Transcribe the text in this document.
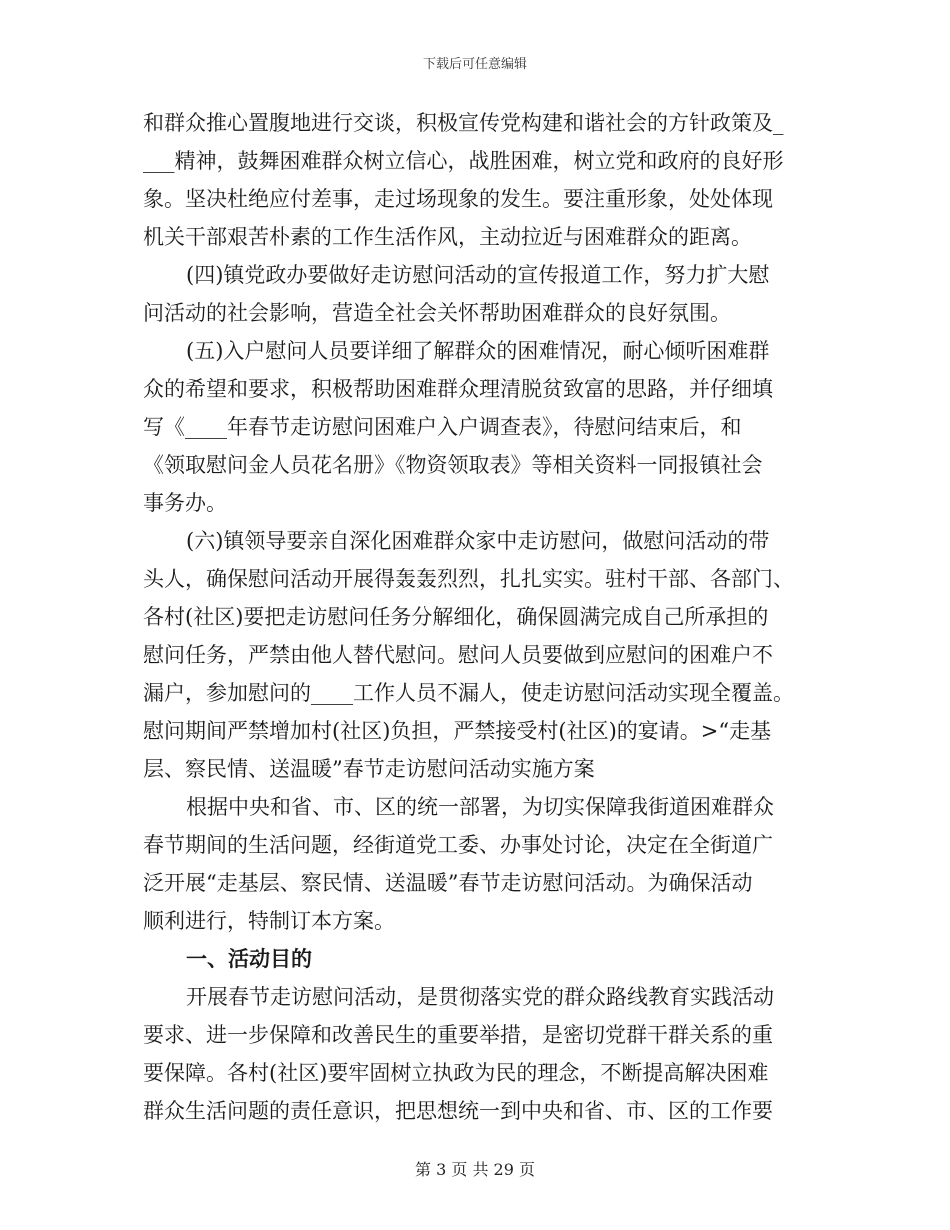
下载后可任意编辑
和群众推心置腹地进行交谈，积极宣传党构建和谐社会的方针政策及_
___精神，鼓舞困难群众树立信心，战胜困难，树立党和政府的良好形
象。坚决杜绝应付差事，走过场现象的发生。要注重形象，处处体现
机关干部艰苦朴素的工作生活作风，主动拉近与困难群众的距离。
(四)镇党政办要做好走访慰问活动的宣传报道工作，努力扩大慰
问活动的社会影响，营造全社会关怀帮助困难群众的良好氛围。
(五)入户慰问人员要详细了解群众的困难情况，耐心倾听困难群
众的希望和要求，积极帮助困难群众理清脱贫致富的思路，并仔细填
写《____年春节走访慰问困难户入户调查表》，待慰问结束后，和
《领取慰问金人员花名册》《物资领取表》等相关资料一同报镇社会
事务办。
(六)镇领导要亲自深化困难群众家中走访慰问，做慰问活动的带
头人，确保慰问活动开展得轰轰烈烈，扎扎实实。驻村干部、各部门、
各村(社区)要把走访慰问任务分解细化，确保圆满完成自己所承担的
慰问任务，严禁由他人替代慰问。慰问人员要做到应慰问的困难户不
漏户，参加慰问的____工作人员不漏人，使走访慰问活动实现全覆盖。
慰问期间严禁增加村(社区)负担，严禁接受村(社区)的宴请。>“走基
层、察民情、送温暖”春节走访慰问活动实施方案
根据中央和省、市、区的统一部署，为切实保障我街道困难群众
春节期间的生活问题，经街道党工委、办事处讨论，决定在全街道广
泛开展“走基层、察民情、送温暖”春节走访慰问活动。为确保活动
顺利进行，特制订本方案。
一、活动目的
开展春节走访慰问活动，是贯彻落实党的群众路线教育实践活动
要求、进一步保障和改善民生的重要举措，是密切党群干群关系的重
要保障。各村(社区)要牢固树立执政为民的理念，不断提高解决困难
群众生活问题的责任意识，把思想统一到中央和省、市、区的工作要
第 3 页 共 29 页
